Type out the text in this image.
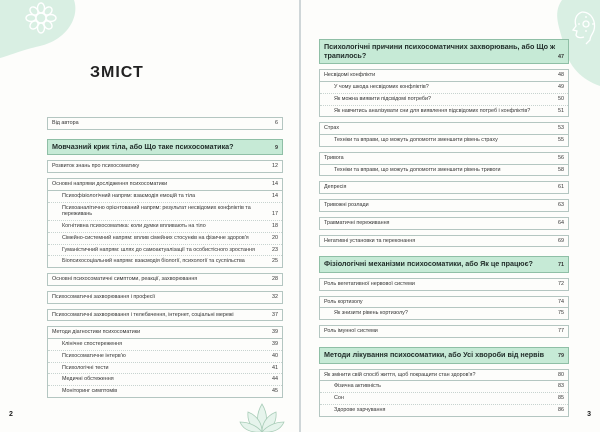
ЗМІСТ
Від автора	6
Мовчазний крик тіла, або Що таке психосоматика?	9
Розвиток знань про психосоматику	12
Основні напрями дослідження психосоматики	14
Психофізіологічний напрям: взаємодія емоцій та тіла	14
Психоаналітично орієнтований напрям: результат несвідомих конфліктів та переживань	17
Когнітивна психосоматика: коли думки впливають на тіло	18
Сімейно-системний напрям: вплив сімейних стосунків на фізичне здоров'я	20
Гуманістичний напрям: шлях до самоактуалізації та особистісного зростання	23
Біопсихосоціальний напрям: взаємодія біології, психології та суспільства	25
Основні психосоматичні симптоми, реакції, захворювання	28
Психосоматичні захворювання і професії	32
Психосоматичні захворювання і телебачення, інтернет, соціальні мережі	37
Методи діагностики психосоматики	39
Клінічне спостереження	39
Психосоматичне інтерв'ю	40
Психологічні тести	41
Медичні обстеження	44
Моніторинг симптомів	45
2
Психологічні причини психосоматичних захворювань, або Що ж трапилось?	47
Несвідомі конфлікти	48
У чому шкода несвідомих конфліктів?	49
Як можна виявити підсвідомі потреби?	50
Як навчитись аналізувати сни для виявлення підсвідомих потреб і конфліктів?	51
Страх	53
Техніки та вправи, що можуть допомогти зменшити рівень страху	55
Тривога	56
Техніки та вправи, що можуть допомогти зменшити рівень тривоги	58
Депресія	61
Тривожні розлади	63
Травматичні переживання	64
Негативні установки та переконання	69
Фізіологічні механізми психосоматики, або Як це працює?	71
Роль вегетативної нервової системи	72
Роль кортизолу	74
Як знизити рівень кортизолу?	75
Роль імунної системи	77
Методи лікування психосоматики, або Усі хвороби від нервів	79
Як змінити свій спосіб життя, щоб покращити стан здоров'я?	80
Фізична активність	83
Сон	85
Здорове харчування	86
3
